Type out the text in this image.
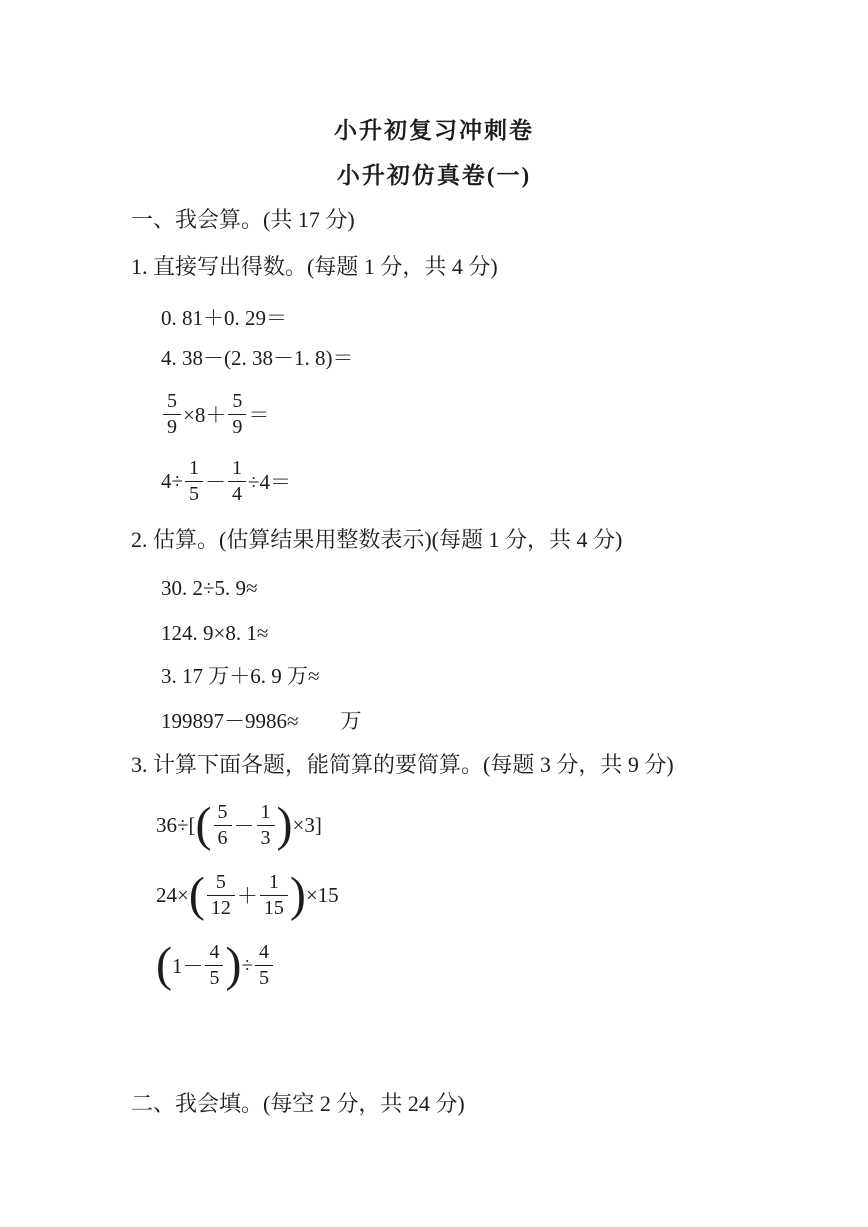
小升初复习冲刺卷
小升初仿真卷(一)
一、我会算。(共 17 分)
1. 直接写出得数。(每题 1 分，共 4 分)
0. 81＋0. 29＝
4. 38－(2. 38－1. 8)＝
$\frac{5}{9} \times 8+ \frac{5}{9}$ ＝
$4\div \frac{1}{5} - \frac{1}{4} \div 4=$
2. 估算。(估算结果用整数表示)(每题 1 分，共 4 分)
30. 2÷5. 9≈
124. 9×8. 1≈
3. 17 万＋6. 9 万≈
199897－9986≈　　万
3. 计算下面各题，能简算的要简算。(每题 3 分，共 9 分)
36÷[ ( $\frac{5}{6} - \frac{1}{3}$ ) ×3]
24× ( $\frac{5}{12} + \frac{1}{15}$ ) ×15
( $1- \frac{4}{5}$ ) ÷ $\frac{4}{5}$
二、我会填。(每空 2 分，共 24 分)
